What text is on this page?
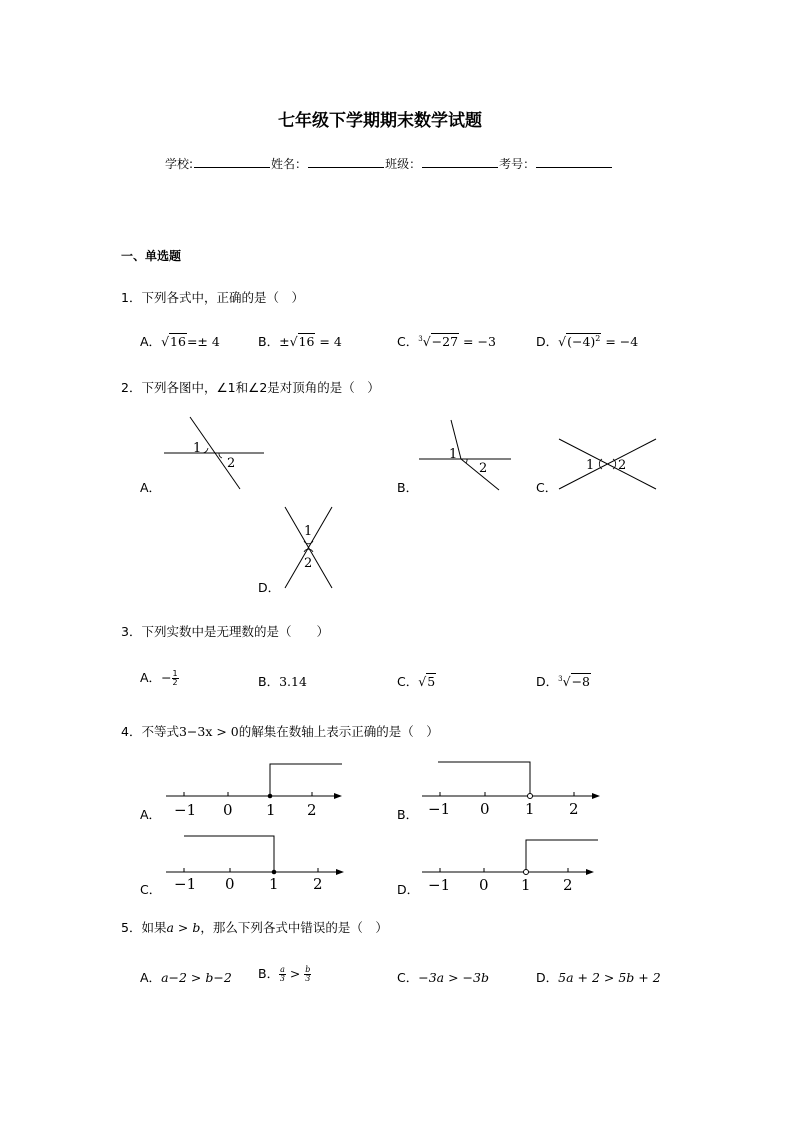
七年级下学期期末数学试题
学校:	姓名：	班级：	考号：
一、单选题
1．下列各式中，正确的是（　）
A．√16=± 4	B．±√16 = 4	C．$^3$√−27 = −3	D．$√(-4)^2 = -4$
2．下列各图中，∠1和∠2是对顶角的是（　）
A．
1
2
B．
1
2
C．
1 2
D．
1
2
3．下列实数中是无理数的是（　　）
A．− $\frac{1}{2}$	B．3.14	C．√5	D．$^3$√−8
4．不等式3−3x > 0的解集在数轴上表示正确的是（　）
A． −1 0 1 2	B． −1 0 1 2
C． −1 0 1 2	D． −1 0 1 2
5．如果a > b，那么下列各式中错误的是（　）
A．a−2 > b−2 B． $\frac{a}{3} > \frac{b}{3}$	C．−3a > −3b	D．5a + 2 > 5b + 2
